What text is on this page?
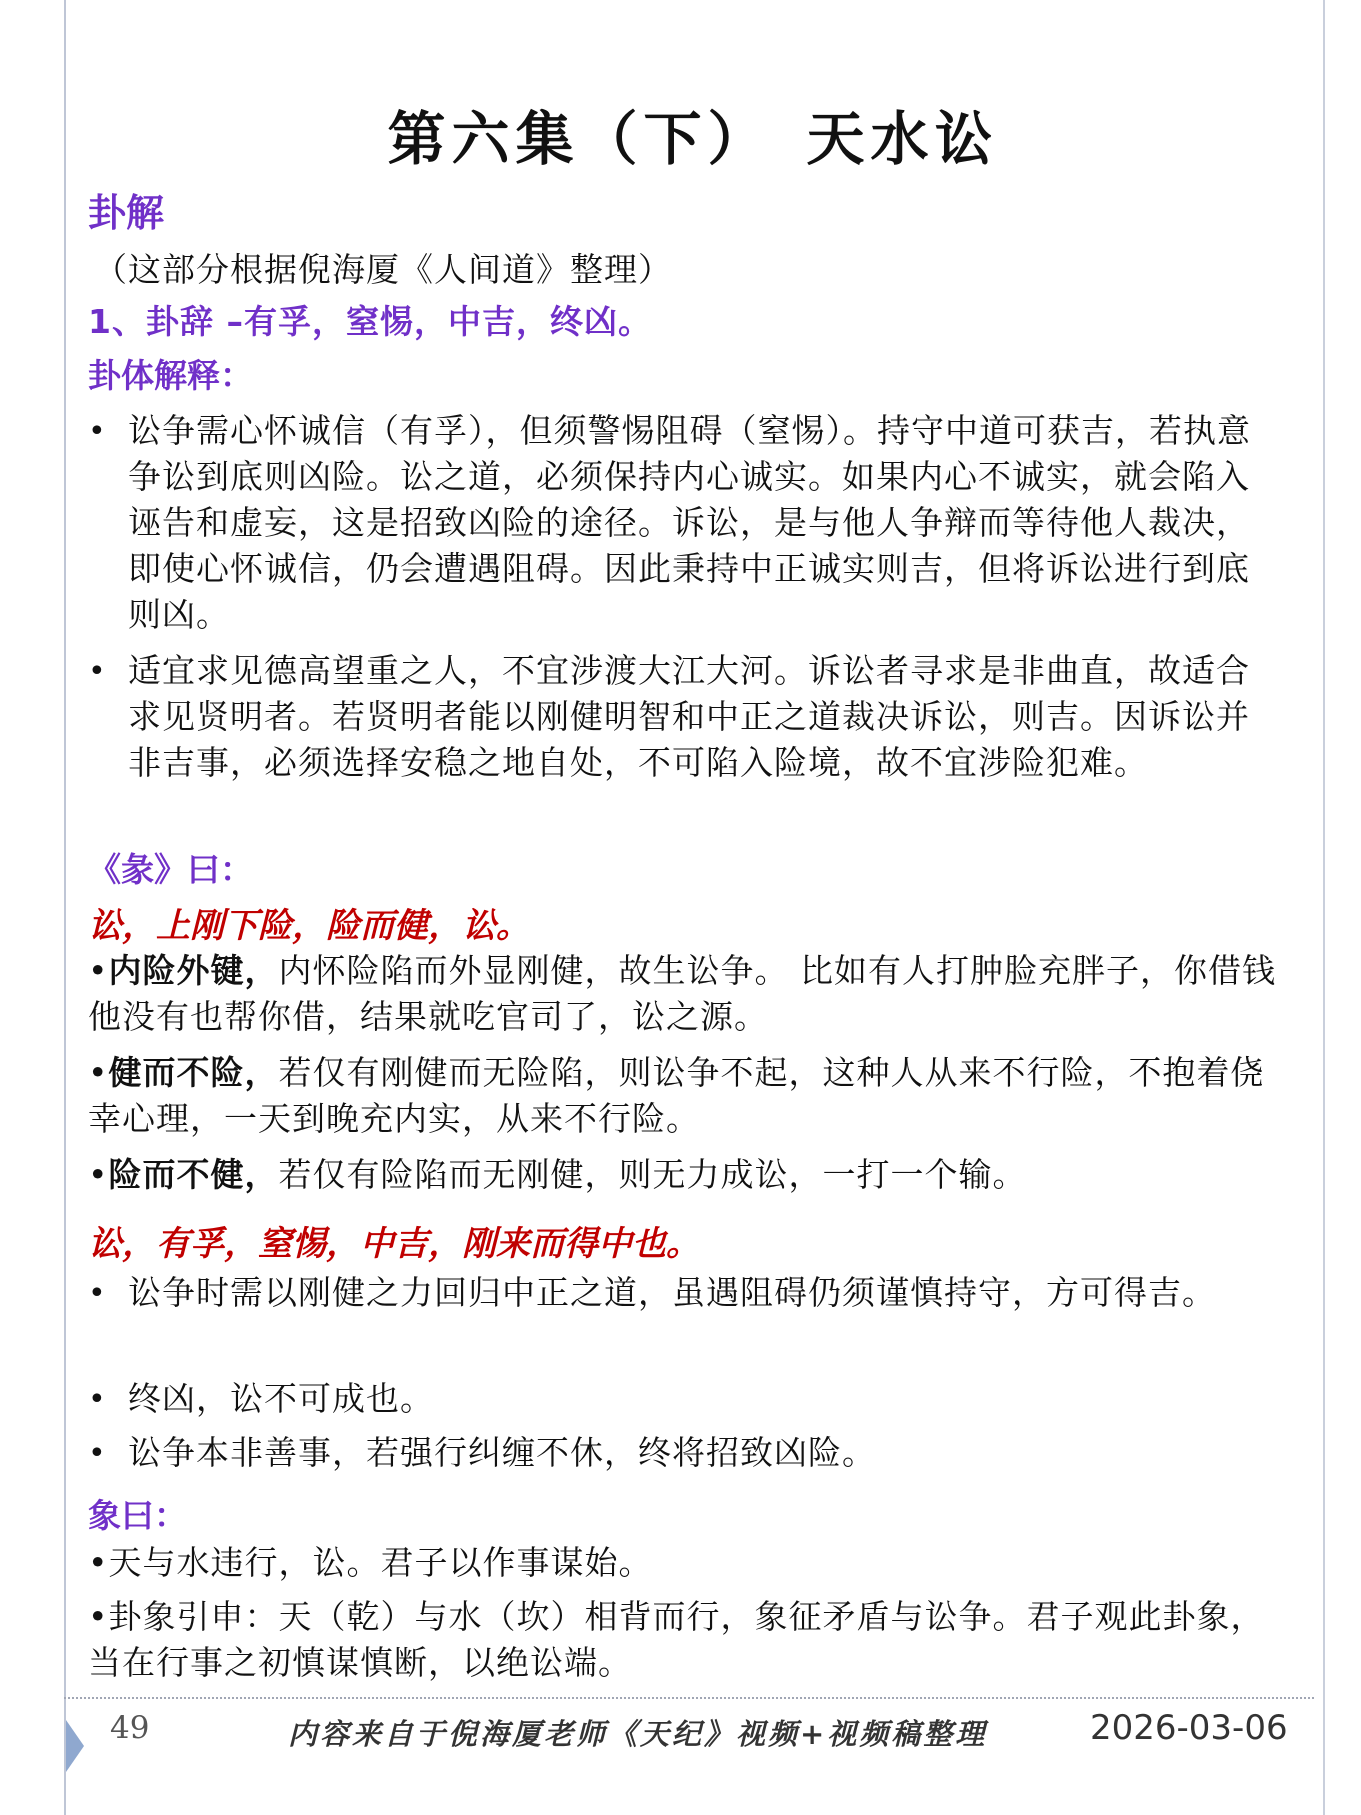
第六集（下）　天水讼
卦解
（这部分根据倪海厦《人间道》整理）
1、卦辞 –有孚，窒惕，中吉，终凶。
卦体解释：
• 讼争需心怀诚信（有孚），但须警惕阻碍（窒惕）。持守中道可获吉，若执意争讼到底则凶险。讼之道，必须保持内心诚实。如果内心不诚实，就会陷入诬告和虚妄，这是招致凶险的途径。诉讼，是与他人争辩而等待他人裁决，即使心怀诚信，仍会遭遇阻碍。因此秉持中正诚实则吉，但将诉讼进行到底则凶。
• 适宜求见德高望重之人，不宜涉渡大江大河。诉讼者寻求是非曲直，故适合求见贤明者。若贤明者能以刚健明智和中正之道裁决诉讼，则吉。因诉讼并非吉事，必须选择安稳之地自处，不可陷入险境，故不宜涉险犯难。
《彖》曰：
讼，上刚下险，险而健，讼。
•内险外键，内怀险陷而外显刚健，故生讼争。 比如有人打肿脸充胖子，你借钱他没有也帮你借，结果就吃官司了，讼之源。
•健而不险，若仅有刚健而无险陷，则讼争不起，这种人从来不行险，不抱着侥幸心理，一天到晚充内实，从来不行险。
•险而不健，若仅有险陷而无刚健，则无力成讼，一打一个输。
讼，有孚，窒惕，中吉，刚来而得中也。
• 讼争时需以刚健之力回归中正之道，虽遇阻碍仍须谨慎持守，方可得吉。
• 终凶，讼不可成也。
• 讼争本非善事，若强行纠缠不休，终将招致凶险。
象曰：
•天与水违行，讼。君子以作事谋始。
•卦象引申：天（乾）与水（坎）相背而行，象征矛盾与讼争。君子观此卦象，当在行事之初慎谋慎断，以绝讼端。
49	内容来自于倪海厦老师《天纪》视频+视频稿整理	2026-03-06
